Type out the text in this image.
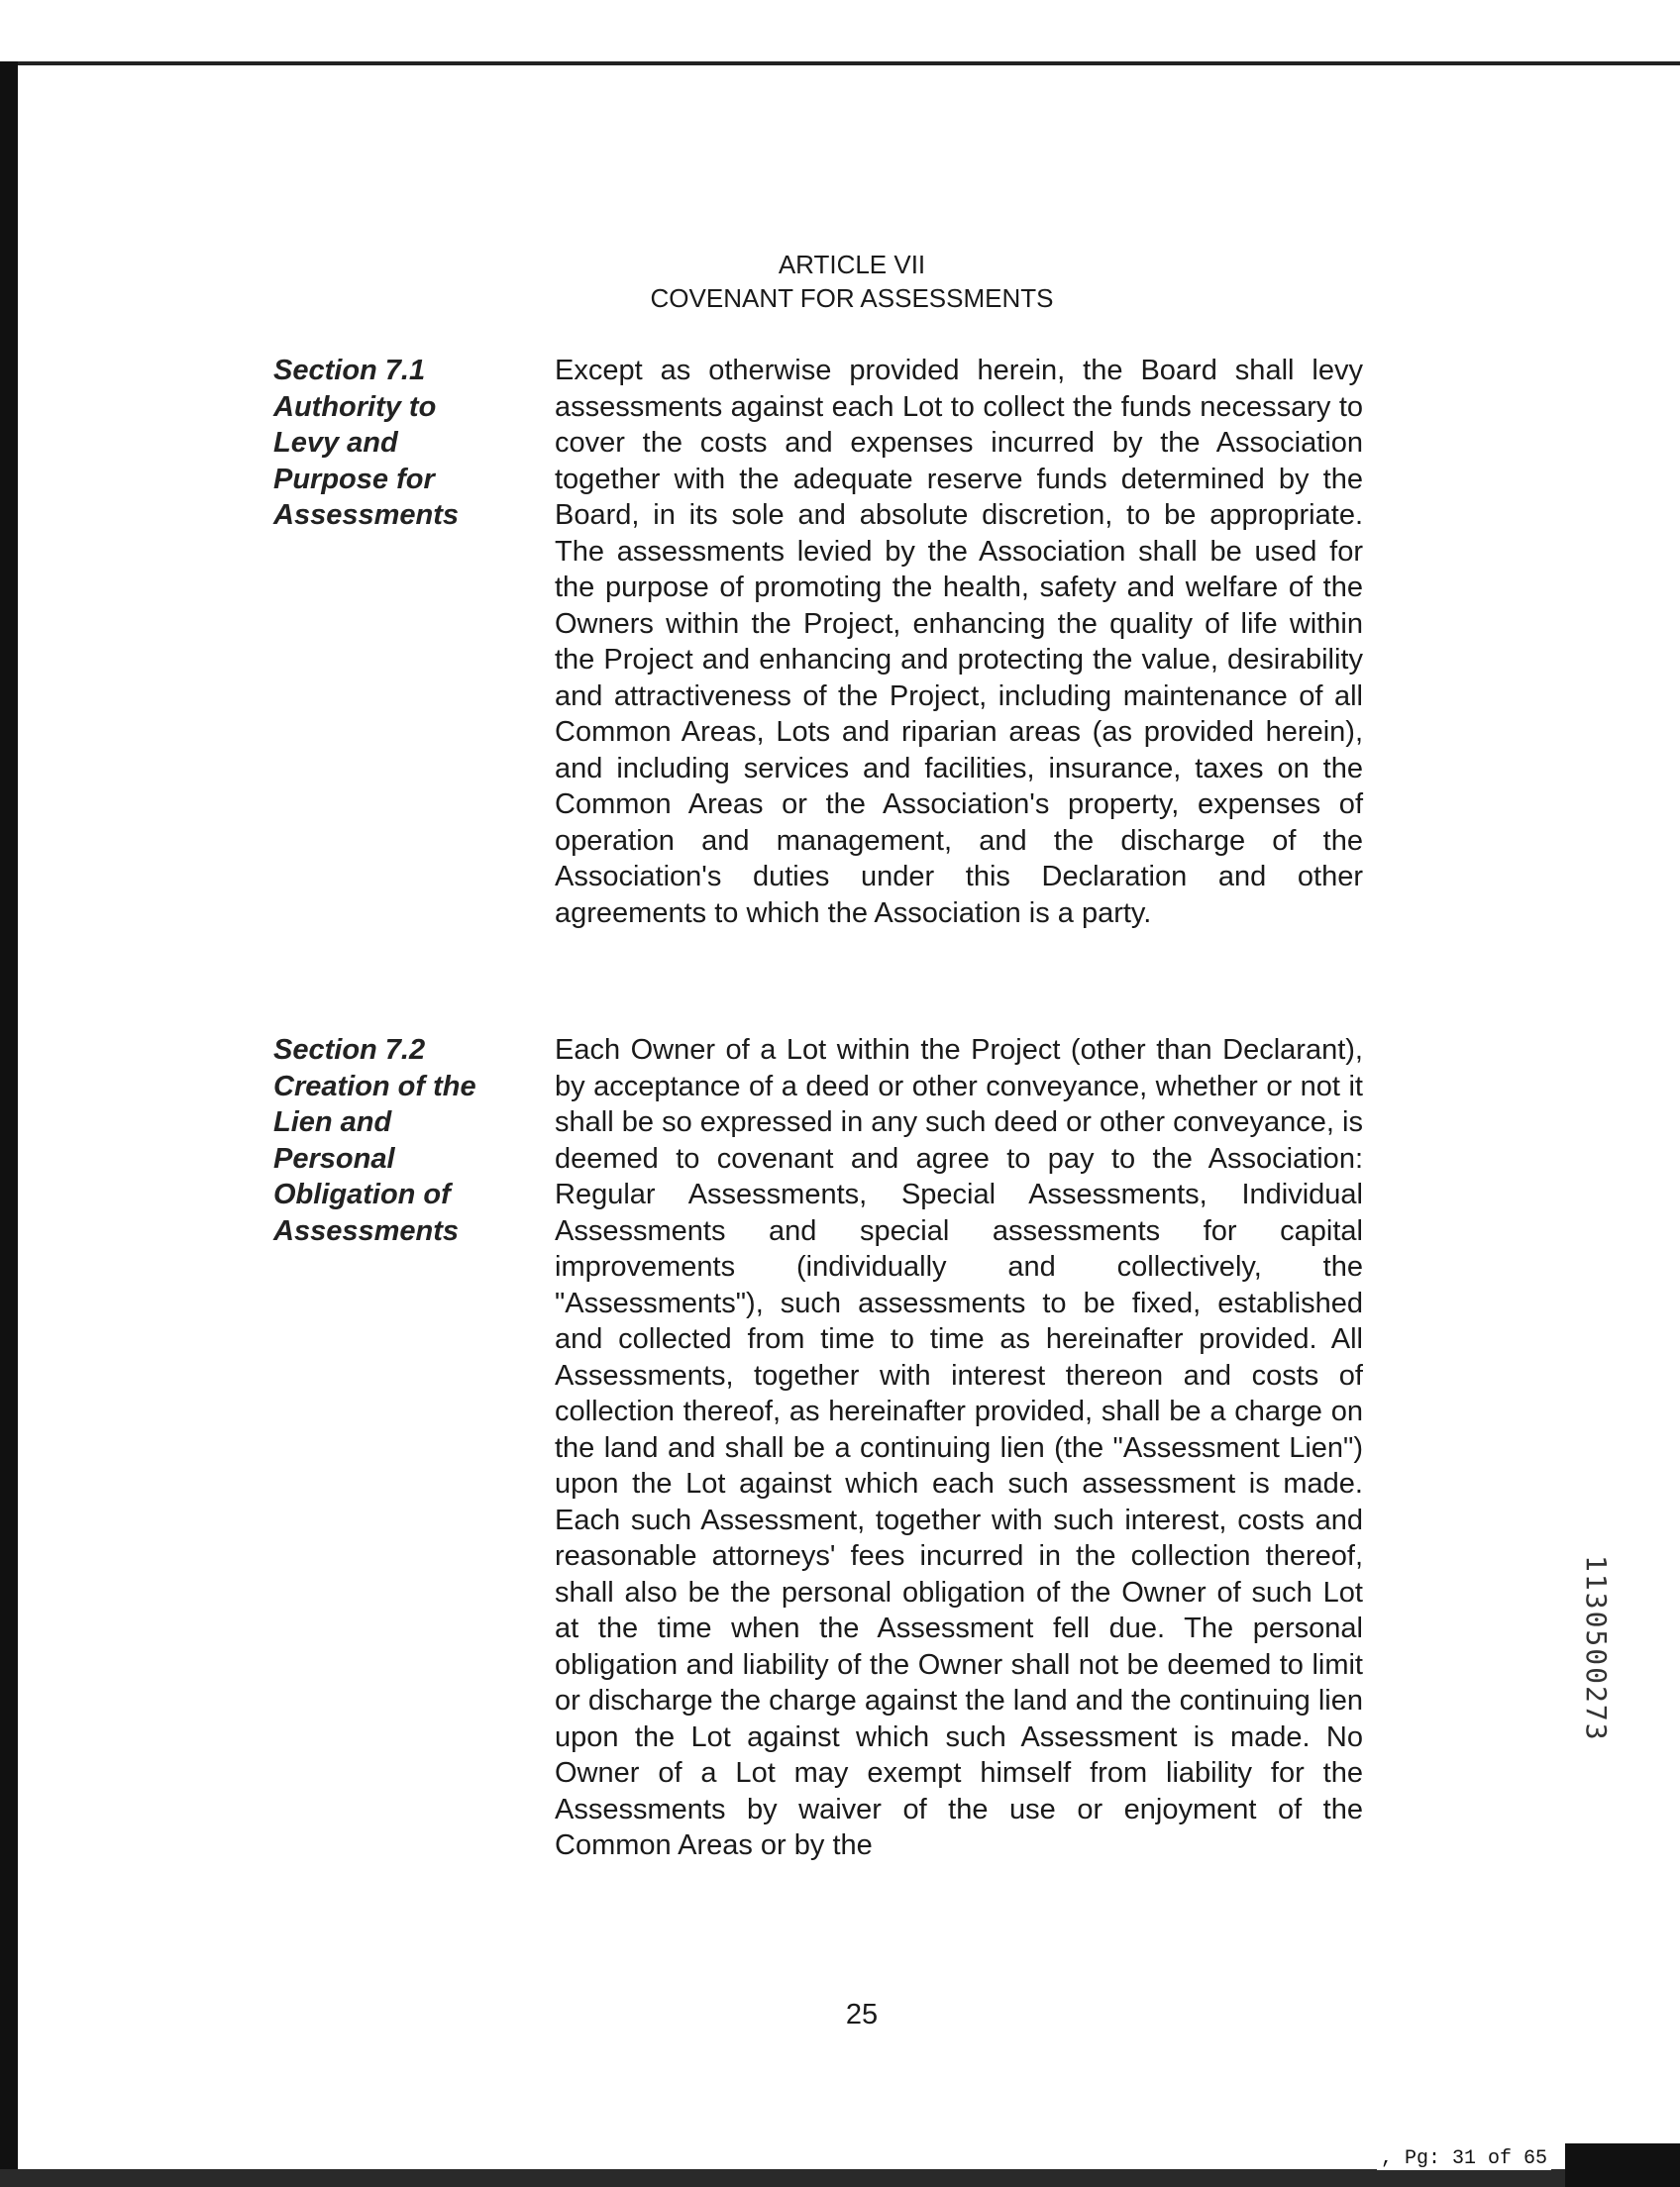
ARTICLE VII
COVENANT FOR ASSESSMENTS
Section 7.1
Authority to
Levy and
Purpose for
Assessments
Except as otherwise provided herein, the Board shall levy assessments against each Lot to collect the funds necessary to cover the costs and expenses incurred by the Association together with the adequate reserve funds determined by the Board, in its sole and absolute discretion, to be appropriate. The assessments levied by the Association shall be used for the purpose of promoting the health, safety and welfare of the Owners within the Project, enhancing the quality of life within the Project and enhancing and protecting the value, desirability and attractiveness of the Project, including maintenance of all Common Areas, Lots and riparian areas (as provided herein), and including services and facilities, insurance, taxes on the Common Areas or the Association's property, expenses of operation and management, and the discharge of the Association's duties under this Declaration and other agreements to which the Association is a party.
Section 7.2
Creation of the
Lien and
Personal
Obligation of
Assessments
Each Owner of a Lot within the Project (other than Declarant), by acceptance of a deed or other conveyance, whether or not it shall be so expressed in any such deed or other conveyance, is deemed to covenant and agree to pay to the Association: Regular Assessments, Special Assessments, Individual Assessments and special assessments for capital improvements (individually and collectively, the "Assessments"), such assessments to be fixed, established and collected from time to time as hereinafter provided. All Assessments, together with interest thereon and costs of collection thereof, as hereinafter provided, shall be a charge on the land and shall be a continuing lien (the "Assessment Lien") upon the Lot against which each such assessment is made. Each such Assessment, together with such interest, costs and reasonable attorneys' fees incurred in the collection thereof, shall also be the personal obligation of the Owner of such Lot at the time when the Assessment fell due. The personal obligation and liability of the Owner shall not be deemed to limit or discharge the charge against the land and the continuing lien upon the Lot against which such Assessment is made. No Owner of a Lot may exempt himself from liability for the Assessments by waiver of the use or enjoyment of the Common Areas or by the
25
1130500273
, Pg: 31 of 65
